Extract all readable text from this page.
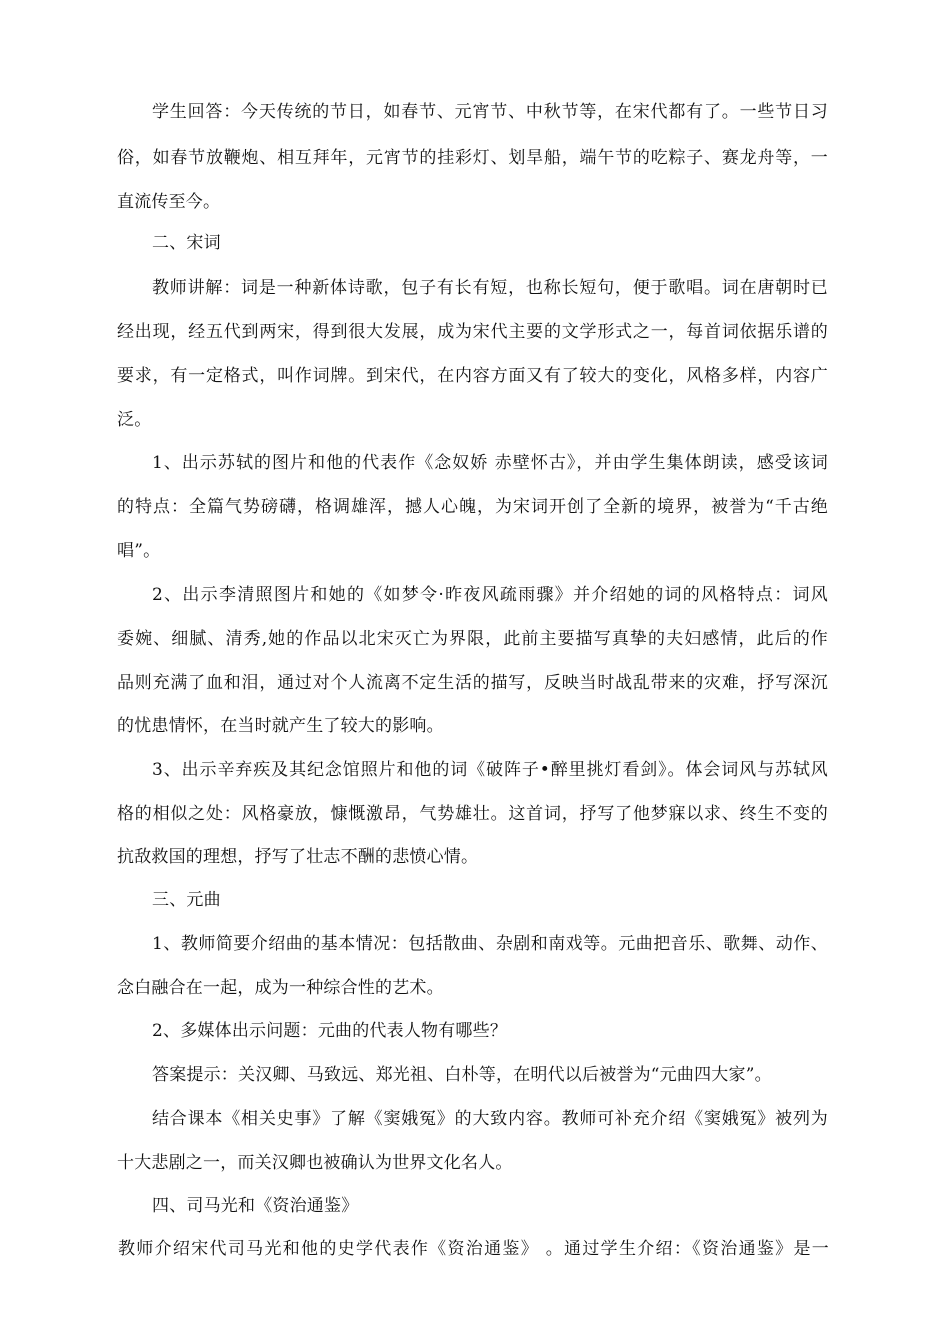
学生回答：今天传统的节日，如春节、元宵节、中秋节等，在宋代都有了。一些节日习
俗，如春节放鞭炮、相互拜年，元宵节的挂彩灯、划旱船，端午节的吃粽子、赛龙舟等，一
直流传至今。
二、宋词
教师讲解：词是一种新体诗歌，包子有长有短，也称长短句，便于歌唱。词在唐朝时已
经出现，经五代到两宋，得到很大发展，成为宋代主要的文学形式之一，每首词依据乐谱的
要求，有一定格式，叫作词牌。到宋代，在内容方面又有了较大的变化，风格多样，内容广
泛。
1、出示苏轼的图片和他的代表作《念奴娇 赤壁怀古》，并由学生集体朗读，感受该词
的特点：全篇气势磅礴，格调雄浑，撼人心魄，为宋词开创了全新的境界，被誉为“千古绝
唱”。
2、出示李清照图片和她的《如梦令·昨夜风疏雨骤》并介绍她的词的风格特点：词风
委婉、细腻、清秀,她的作品以北宋灭亡为界限，此前主要描写真挚的夫妇感情，此后的作
品则充满了血和泪，通过对个人流离不定生活的描写，反映当时战乱带来的灾难，抒写深沉
的忧患情怀，在当时就产生了较大的影响。
3、出示辛弃疾及其纪念馆照片和他的词《破阵子•醉里挑灯看剑》。体会词风与苏轼风
格的相似之处：风格豪放，慷慨激昂，气势雄壮。这首词，抒写了他梦寐以求、终生不变的
抗敌救国的理想，抒写了壮志不酬的悲愤心情。
三、元曲
1、教师简要介绍曲的基本情况：包括散曲、杂剧和南戏等。元曲把音乐、歌舞、动作、
念白融合在一起，成为一种综合性的艺术。
2、多媒体出示问题：元曲的代表人物有哪些？
答案提示：关汉卿、马致远、郑光祖、白朴等，在明代以后被誉为“元曲四大家”。
结合课本《相关史事》了解《窦娥冤》的大致内容。教师可补充介绍《窦娥冤》被列为
十大悲剧之一，而关汉卿也被确认为世界文化名人。
四、司马光和《资治通鉴》
教师介绍宋代司马光和他的史学代表作《资治通鉴》 。通过学生介绍：《资治通鉴》是一
